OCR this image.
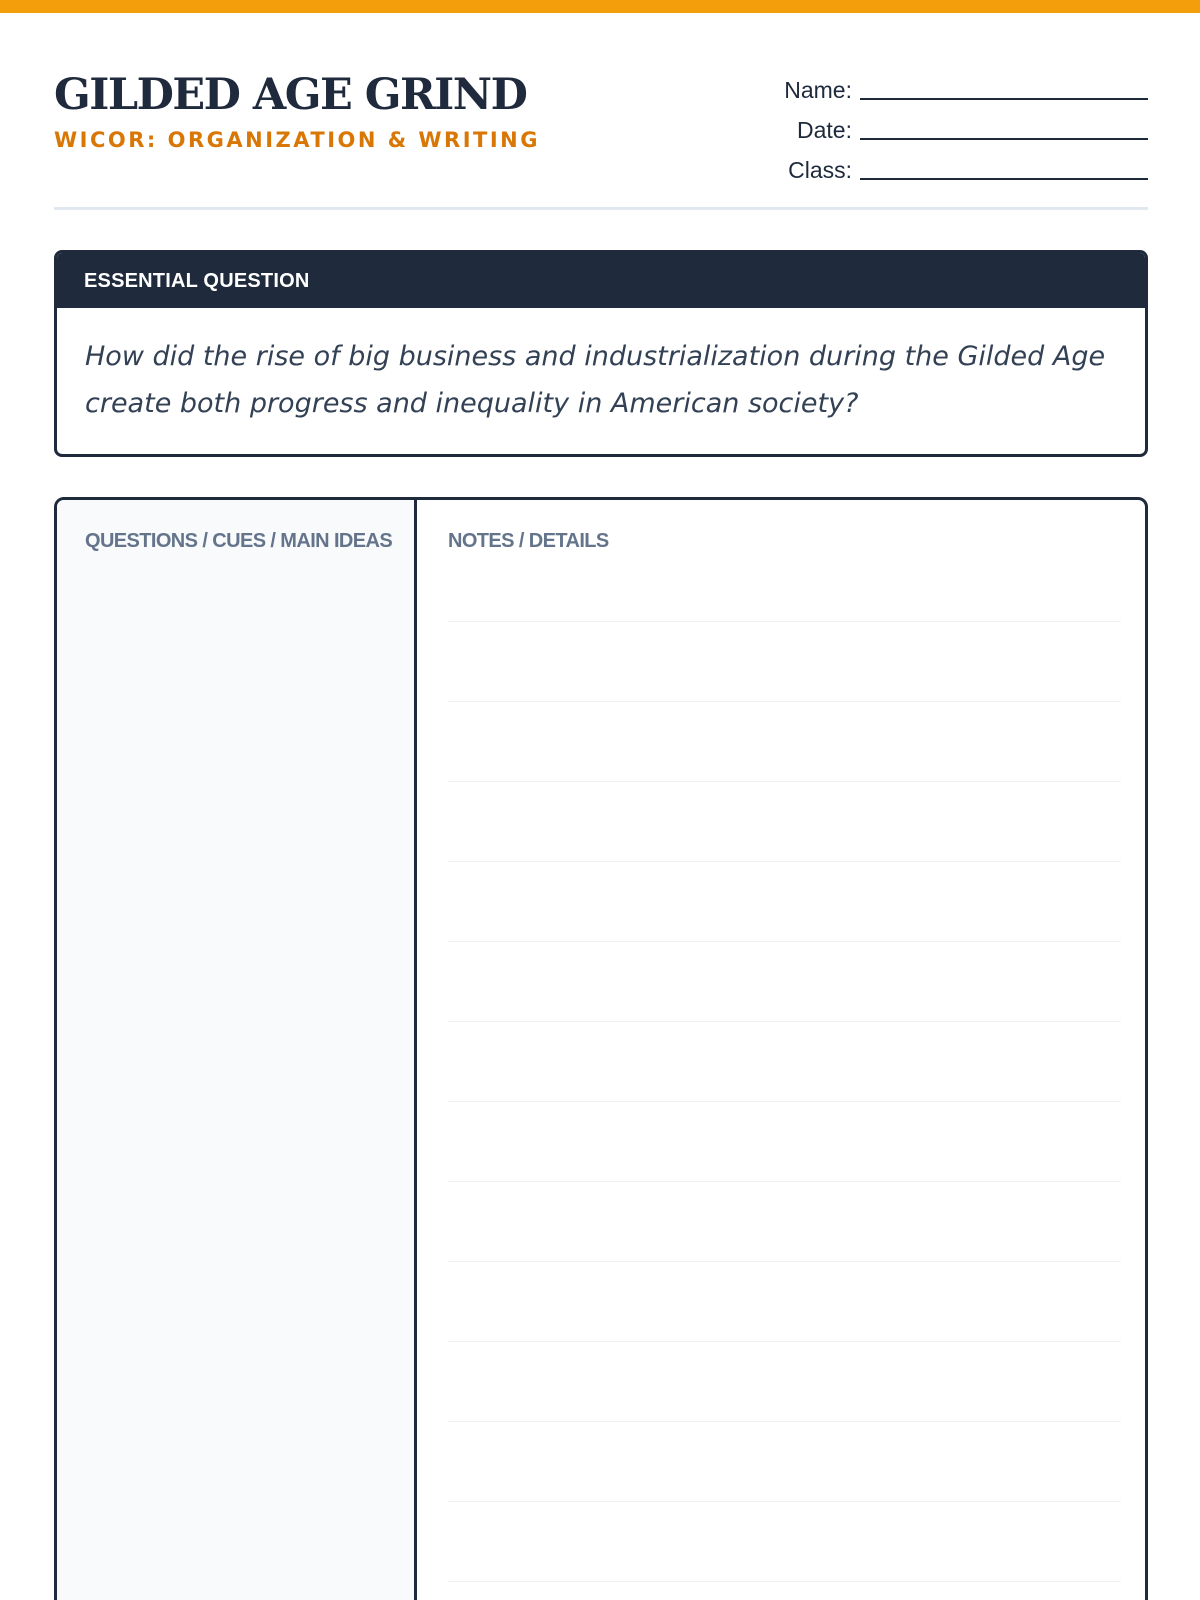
GILDED AGE GRIND
WICOR: ORGANIZATION & WRITING
Name:
Date:
Class:
ESSENTIAL QUESTION

How did the rise of big business and industrialization during the Gilded Age create both progress and inequality in American society?

QUESTIONS / CUES / MAIN IDEAS	NOTES / DETAILS
